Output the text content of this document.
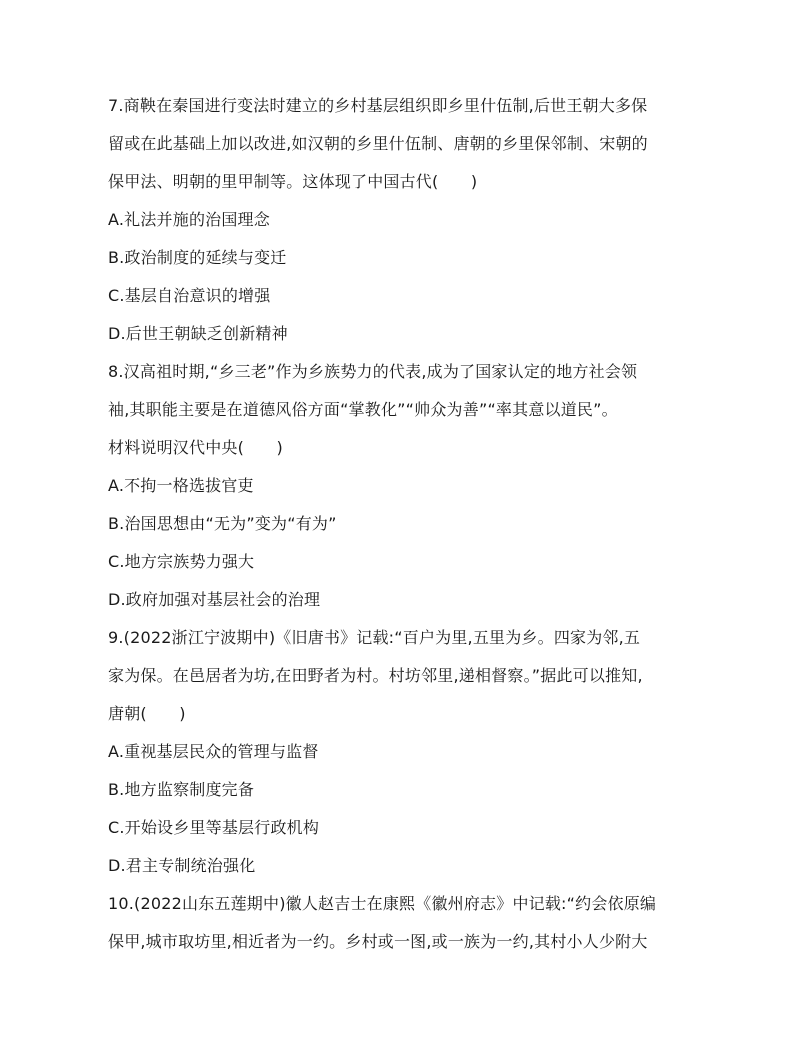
7.商鞅在秦国进行变法时建立的乡村基层组织即乡里什伍制,后世王朝大多保
留或在此基础上加以改进,如汉朝的乡里什伍制、唐朝的乡里保邻制、宋朝的
保甲法、明朝的里甲制等。这体现了中国古代(　　)
A.礼法并施的治国理念
B.政治制度的延续与变迁
C.基层自治意识的增强
D.后世王朝缺乏创新精神
8.汉高祖时期,“乡三老”作为乡族势力的代表,成为了国家认定的地方社会领
袖,其职能主要是在道德风俗方面“掌教化”“帅众为善”“率其意以道民”。
材料说明汉代中央(　　)
A.不拘一格选拔官吏
B.治国思想由“无为”变为“有为”
C.地方宗族势力强大
D.政府加强对基层社会的治理
9.(2022浙江宁波期中)《旧唐书》记载:“百户为里,五里为乡。四家为邻,五
家为保。在邑居者为坊,在田野者为村。村坊邻里,递相督察。”据此可以推知,
唐朝(　　)
A.重视基层民众的管理与监督
B.地方监察制度完备
C.开始设乡里等基层行政机构
D.君主专制统治强化
10.(2022山东五莲期中)徽人赵吉士在康熙《徽州府志》中记载:“约会依原编
保甲,城市取坊里,相近者为一约。乡村或一图,或一族为一约,其村小人少附大
